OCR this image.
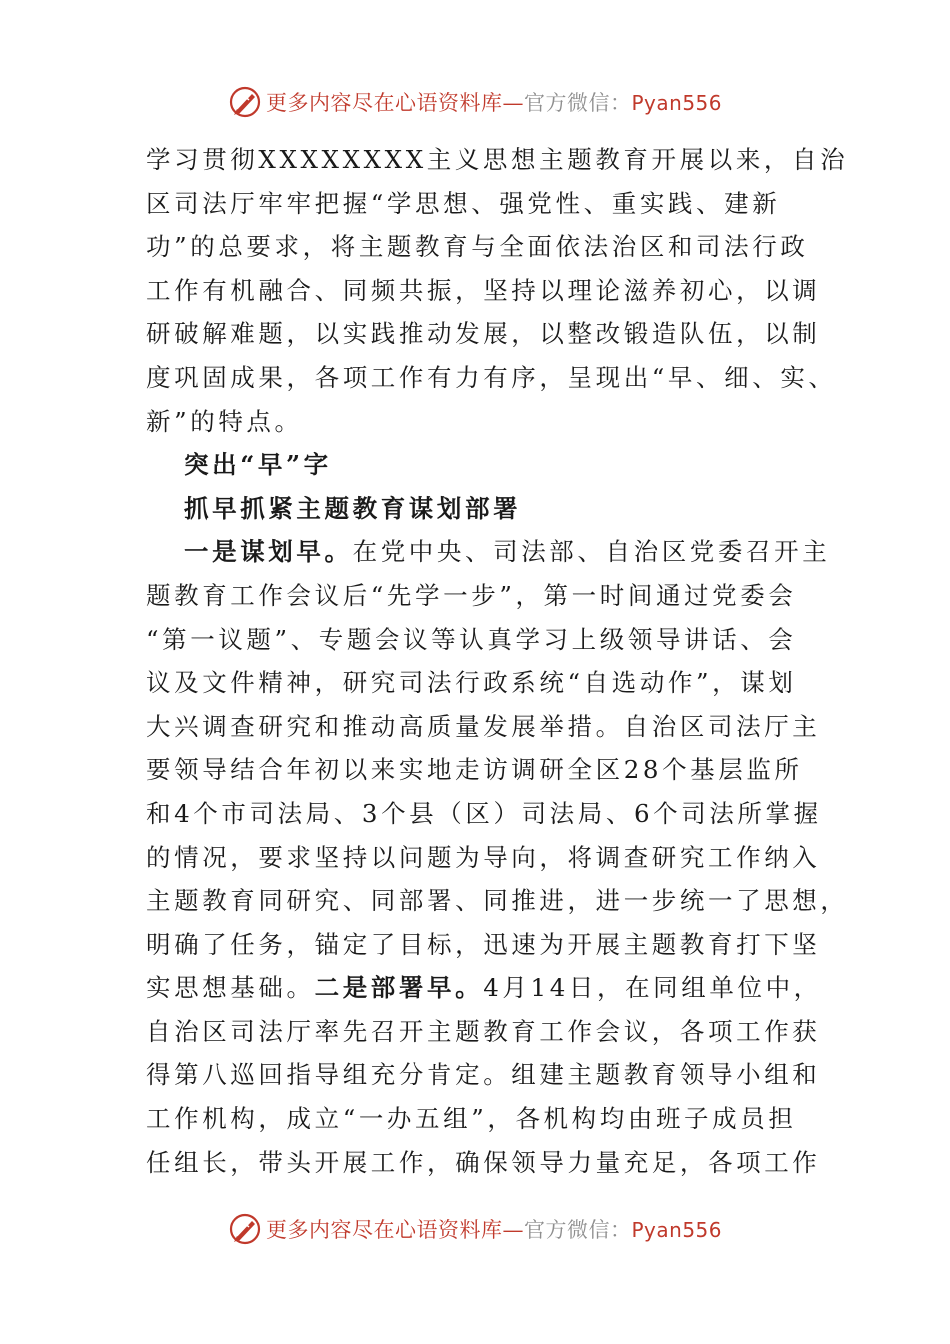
更多内容尽在心语资料库—官方微信：Pyan556
学习贯彻XXXXXXXX主义思想主题教育开展以来，自治
区司法厅牢牢把握“学思想、强党性、重实践、建新
功”的总要求，将主题教育与全面依法治区和司法行政
工作有机融合、同频共振，坚持以理论滋养初心，以调
研破解难题，以实践推动发展，以整改锻造队伍，以制
度巩固成果，各项工作有力有序，呈现出“早、细、实、
新”的特点。
突出“早”字
抓早抓紧主题教育谋划部署
一是谋划早。在党中央、司法部、自治区党委召开主
题教育工作会议后“先学一步”，第一时间通过党委会
“第一议题”、专题会议等认真学习上级领导讲话、会
议及文件精神，研究司法行政系统“自选动作”，谋划
大兴调查研究和推动高质量发展举措。自治区司法厅主
要领导结合年初以来实地走访调研全区28个基层监所
和4个市司法局、3个县（区）司法局、6个司法所掌握
的情况，要求坚持以问题为导向，将调查研究工作纳入
主题教育同研究、同部署、同推进，进一步统一了思想，
明确了任务，锚定了目标，迅速为开展主题教育打下坚
实思想基础。二是部署早。4月14日，在同组单位中，
自治区司法厅率先召开主题教育工作会议，各项工作获
得第八巡回指导组充分肯定。组建主题教育领导小组和
工作机构，成立“一办五组”，各机构均由班子成员担
任组长，带头开展工作，确保领导力量充足，各项工作
更多内容尽在心语资料库—官方微信：Pyan556
